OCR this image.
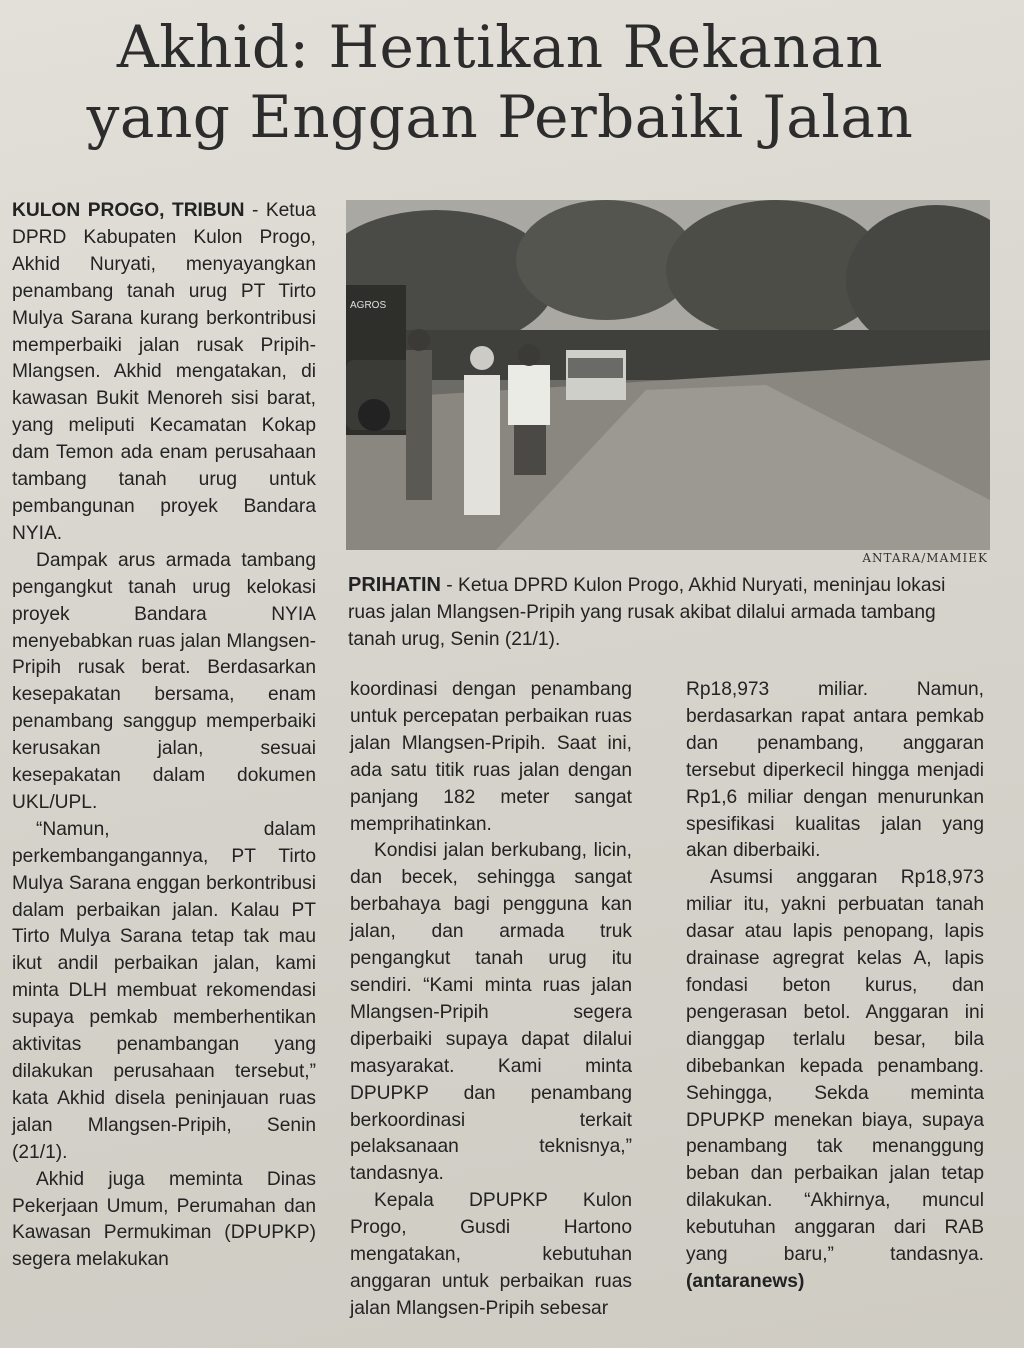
Akhid: Hentikan Rekanan
yang Enggan Perbaiki Jalan

KULON PROGO, TRIBUN - Ketua DPRD Kabupaten Kulon Progo, Akhid Nuryati, menyayangkan penambang tanah urug PT Tirto Mulya Sarana kurang berkontribusi memperbaiki jalan rusak Pripih-Mlangsen. Akhid mengatakan, di kawasan Bukit Menoreh sisi barat, yang meliputi Kecamatan Kokap dam Temon ada enam perusahaan tambang tanah urug untuk pembangunan proyek Bandara NYIA.

Dampak arus armada tambang pengangkut tanah urug kelokasi proyek Bandara NYIA menyebabkan ruas jalan Mlangsen-Pripih rusak berat. Berdasarkan kesepakatan bersama, enam penambang sanggup memperbaiki kerusakan jalan, sesuai kesepakatan dalam dokumen UKL/UPL.

“Namun, dalam perkembangangannya, PT Tirto Mulya Sarana enggan berkontribusi dalam perbaikan jalan. Kalau PT Tirto Mulya Sarana tetap tak mau ikut andil perbaikan jalan, kami minta DLH membuat rekomendasi supaya pemkab memberhentikan aktivitas penambangan yang dilakukan perusahaan tersebut,” kata Akhid disela peninjauan ruas jalan Mlangsen-Pripih, Senin (21/1).

Akhid juga meminta Dinas Pekerjaan Umum, Perumahan dan Kawasan Permukiman (DPUPKP) segera melakukan

AGROS
ANTARA/MAMIEK
PRIHATIN - Ketua DPRD Kulon Progo, Akhid Nuryati, meninjau lokasi ruas jalan Mlangsen-Pripih yang rusak akibat dilalui armada tambang tanah urug, Senin (21/1).

koordinasi dengan penambang untuk percepatan perbaikan ruas jalan Mlangsen-Pripih. Saat ini, ada satu titik ruas jalan dengan panjang 182 meter sangat memprihatinkan.

Kondisi jalan berkubang, licin, dan becek, sehingga sangat berbahaya bagi pengguna kan jalan, dan armada truk pengangkut tanah urug itu sendiri. “Kami minta ruas jalan Mlangsen-Pripih segera diperbaiki supaya dapat dilalui masyarakat. Kami minta DPUPKP dan penambang berkoordinasi terkait pelaksanaan teknisnya,” tandasnya.

Kepala DPUPKP Kulon Progo, Gusdi Hartono mengatakan, kebutuhan anggaran untuk perbaikan ruas jalan Mlangsen-Pripih sebesar

Rp18,973 miliar. Namun, berdasarkan rapat antara pemkab dan penambang, anggaran tersebut diperkecil hingga menjadi Rp1,6 miliar dengan menurunkan spesifikasi kualitas jalan yang akan diberbaiki.

Asumsi anggaran Rp18,973 miliar itu, yakni perbuatan tanah dasar atau lapis penopang, lapis drainase agregrat kelas A, lapis fondasi beton kurus, dan pengerasan betol. Anggaran ini dianggap terlalu besar, bila dibebankan kepada penambang. Sehingga, Sekda meminta DPUPKP menekan biaya, supaya penambang tak menanggung beban dan perbaikan jalan tetap dilakukan. “Akhirnya, muncul kebutuhan anggaran dari RAB yang baru,” tandasnya. (antaranews)
